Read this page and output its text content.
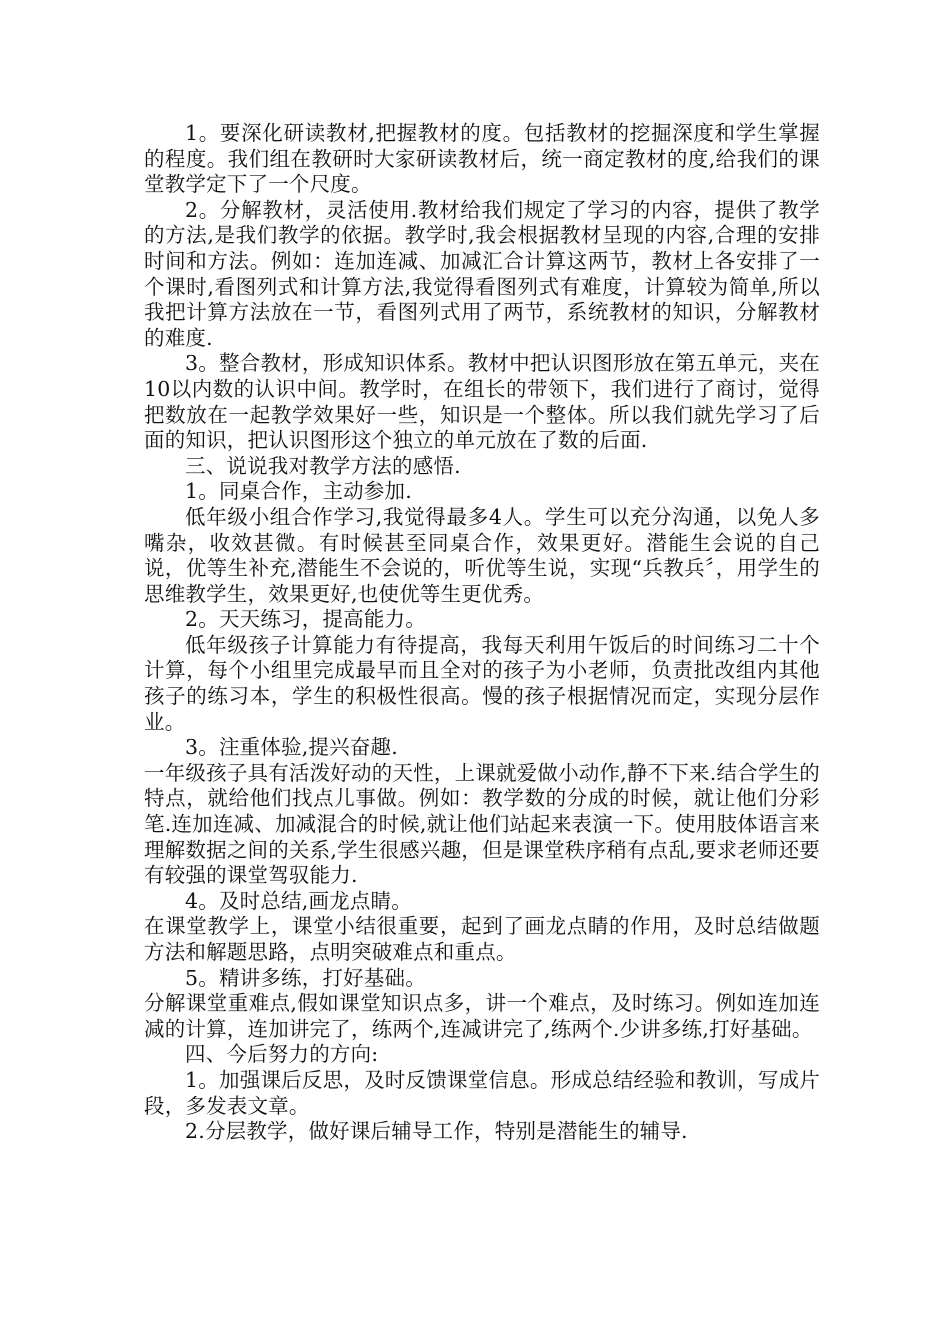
1。要深化研读教材,把握教材的度。包括教材的挖掘深度和学生掌握的程度。我们组在教研时大家研读教材后，统一商定教材的度,给我们的课堂教学定下了一个尺度。

2。分解教材，灵活使用.教材给我们规定了学习的内容，提供了教学的方法,是我们教学的依据。教学时,我会根据教材呈现的内容,合理的安排时间和方法。例如：连加连减、加减汇合计算这两节，教材上各安排了一个课时,看图列式和计算方法,我觉得看图列式有难度，计算较为简单,所以我把计算方法放在一节，看图列式用了两节，系统教材的知识，分解教材的难度.

3。整合教材，形成知识体系。教材中把认识图形放在第五单元，夹在10以内数的认识中间。教学时，在组长的带领下，我们进行了商讨，觉得把数放在一起教学效果好一些，知识是一个整体。所以我们就先学习了后面的知识，把认识图形这个独立的单元放在了数的后面.

三、说说我对教学方法的感悟.

1。同桌合作，主动参加.

低年级小组合作学习,我觉得最多4人。学生可以充分沟通，以免人多嘴杂，收效甚微。有时候甚至同桌合作，效果更好。潜能生会说的自己说，优等生补充,潜能生不会说的，听优等生说，实现“兵教兵〞，用学生的思维教学生，效果更好,也使优等生更优秀。

2。天天练习，提高能力。

低年级孩子计算能力有待提高，我每天利用午饭后的时间练习二十个计算，每个小组里完成最早而且全对的孩子为小老师，负责批改组内其他孩子的练习本，学生的积极性很高。慢的孩子根据情况而定，实现分层作业。

3。注重体验,提兴奋趣.

一年级孩子具有活泼好动的天性，上课就爱做小动作,静不下来.结合学生的特点，就给他们找点儿事做。例如：教学数的分成的时候，就让他们分彩笔.连加连减、加减混合的时候,就让他们站起来表演一下。使用肢体语言来理解数据之间的关系,学生很感兴趣，但是课堂秩序稍有点乱,要求老师还要有较强的课堂驾驭能力.

4。及时总结,画龙点睛。

在课堂教学上，课堂小结很重要，起到了画龙点睛的作用，及时总结做题方法和解题思路，点明突破难点和重点。

5。精讲多练，打好基础。

分解课堂重难点,假如课堂知识点多，讲一个难点，及时练习。例如连加连减的计算，连加讲完了，练两个,连减讲完了,练两个.少讲多练,打好基础。

四、今后努力的方向:

1。加强课后反思，及时反馈课堂信息。形成总结经验和教训，写成片段，多发表文章。

2.分层教学，做好课后辅导工作，特别是潜能生的辅导.
